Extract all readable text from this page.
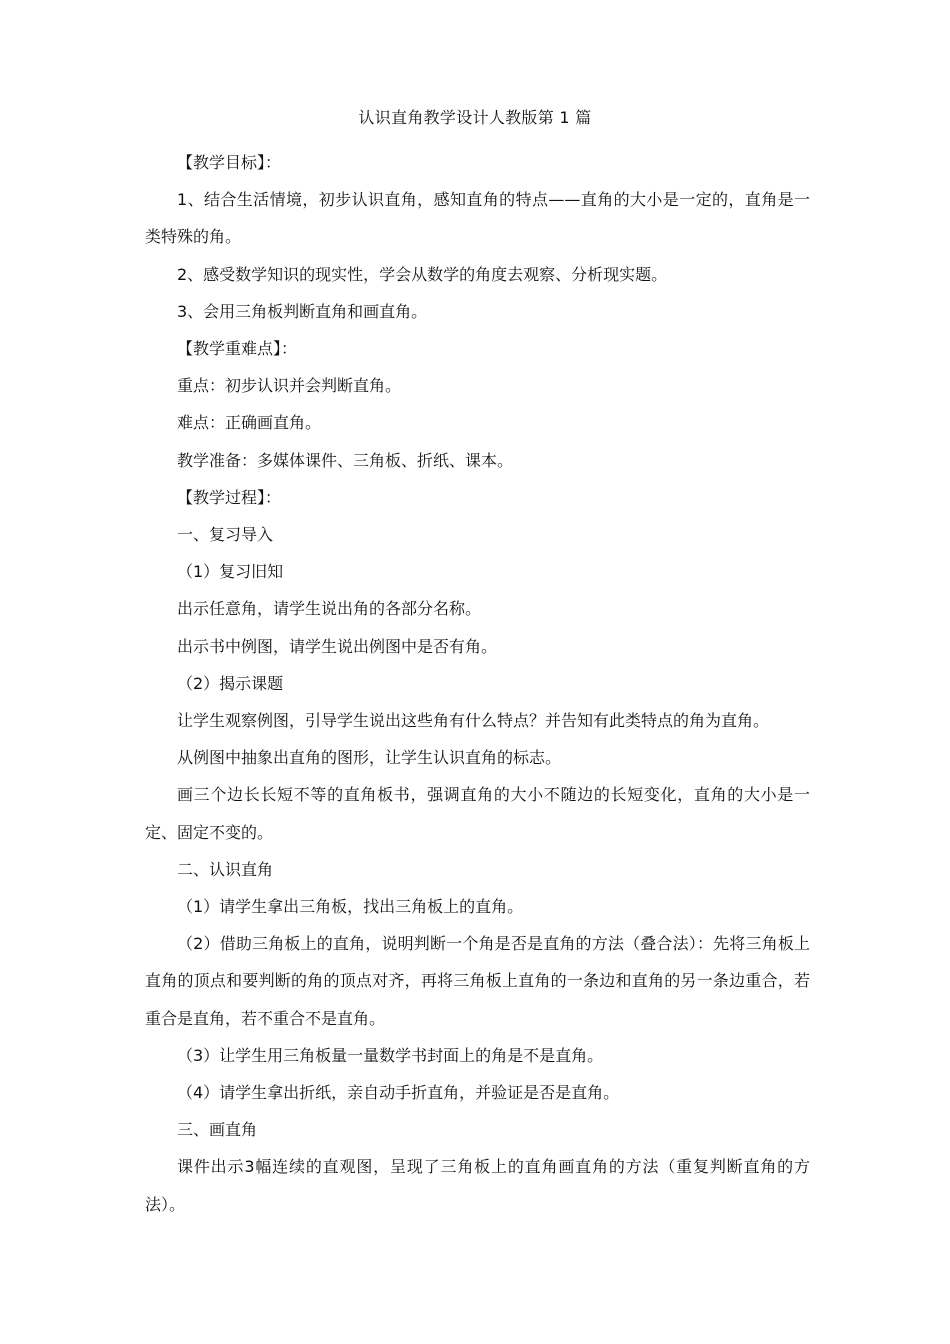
认识直角教学设计人教版第 1 篇

【教学目标】：

1、结合生活情境，初步认识直角，感知直角的特点——直角的大小是一定的，直角是一类特殊的角。

2、感受数学知识的现实性，学会从数学的角度去观察、分析现实题。

3、会用三角板判断直角和画直角。

【教学重难点】：

重点：初步认识并会判断直角。

难点：正确画直角。

教学准备：多媒体课件、三角板、折纸、课本。

【教学过程】：

一、复习导入

（1）复习旧知

出示任意角，请学生说出角的各部分名称。

出示书中例图，请学生说出例图中是否有角。

（2）揭示课题

让学生观察例图，引导学生说出这些角有什么特点？并告知有此类特点的角为直角。

从例图中抽象出直角的图形，让学生认识直角的标志。

画三个边长长短不等的直角板书，强调直角的大小不随边的长短变化，直角的大小是一定、固定不变的。

二、认识直角

（1）请学生拿出三角板，找出三角板上的直角。

（2）借助三角板上的直角，说明判断一个角是否是直角的方法（叠合法）：先将三角板上直角的顶点和要判断的角的顶点对齐，再将三角板上直角的一条边和直角的另一条边重合，若重合是直角，若不重合不是直角。

（3）让学生用三角板量一量数学书封面上的角是不是直角。

（4）请学生拿出折纸，亲自动手折直角，并验证是否是直角。

三、画直角

课件出示3幅连续的直观图，呈现了三角板上的直角画直角的方法（重复判断直角的方法）。
